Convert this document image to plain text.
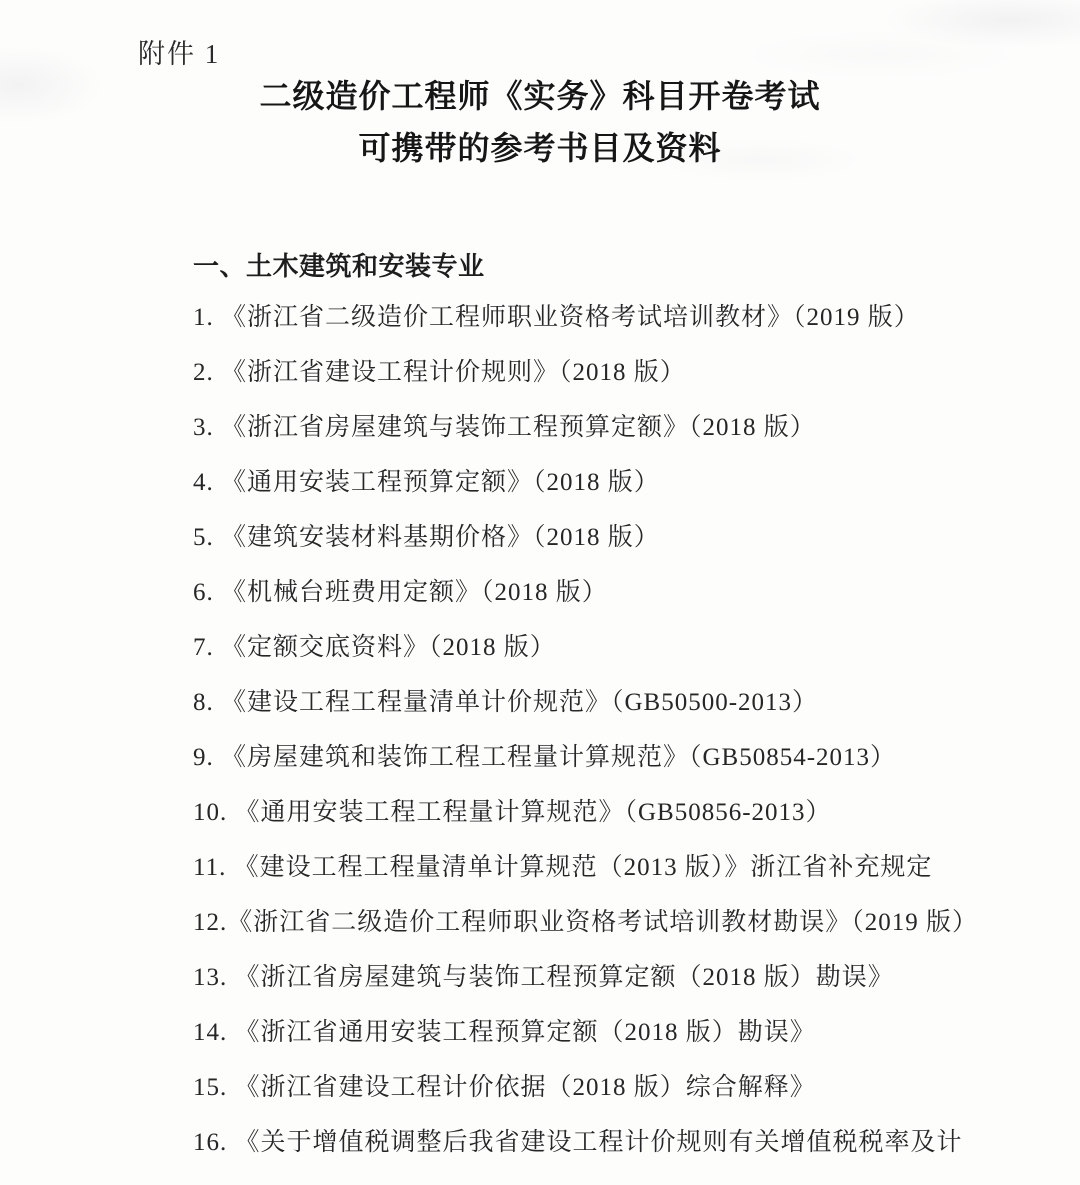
附件 1
二级造价工程师《实务》科目开卷考试
可携带的参考书目及资料
一、土木建筑和安装专业
1. 《浙江省二级造价工程师职业资格考试培训教材》（2019 版）
2. 《浙江省建设工程计价规则》（2018 版）
3. 《浙江省房屋建筑与装饰工程预算定额》（2018 版）
4. 《通用安装工程预算定额》（2018 版）
5. 《建筑安装材料基期价格》（2018 版）
6. 《机械台班费用定额》（2018 版）
7. 《定额交底资料》（2018 版）
8. 《建设工程工程量清单计价规范》（GB50500-2013）
9. 《房屋建筑和装饰工程工程量计算规范》（GB50854-2013）
10. 《通用安装工程工程量计算规范》（GB50856-2013）
11. 《建设工程工程量清单计算规范（2013 版）》浙江省补充规定
12.《浙江省二级造价工程师职业资格考试培训教材勘误》（2019 版）
13. 《浙江省房屋建筑与装饰工程预算定额（2018 版）勘误》
14. 《浙江省通用安装工程预算定额（2018 版）勘误》
15. 《浙江省建设工程计价依据（2018 版）综合解释》
16. 《关于增值税调整后我省建设工程计价规则有关增值税税率及计
